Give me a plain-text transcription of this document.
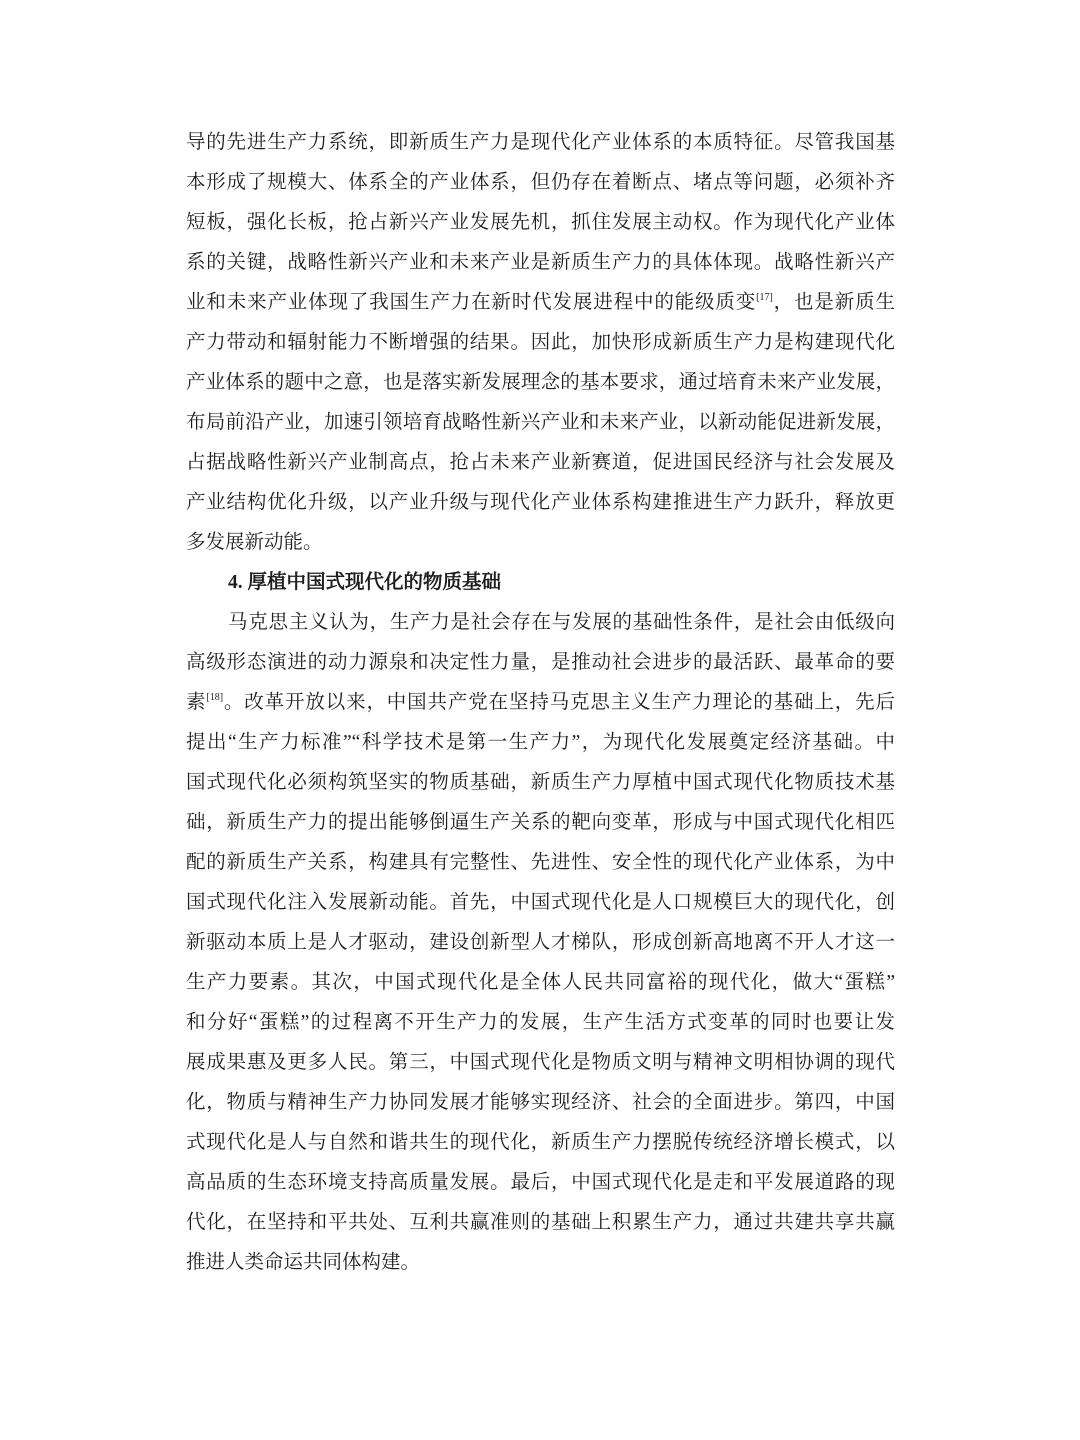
导的先进生产力系统，即新质生产力是现代化产业体系的本质特征。尽管我国基
本形成了规模大、体系全的产业体系，但仍存在着断点、堵点等问题，必须补齐
短板，强化长板，抢占新兴产业发展先机，抓住发展主动权。作为现代化产业体
系的关键，战略性新兴产业和未来产业是新质生产力的具体体现。战略性新兴产
业和未来产业体现了我国生产力在新时代发展进程中的能级质变[17]，也是新质生
产力带动和辐射能力不断增强的结果。因此，加快形成新质生产力是构建现代化
产业体系的题中之意，也是落实新发展理念的基本要求，通过培育未来产业发展，
布局前沿产业，加速引领培育战略性新兴产业和未来产业，以新动能促进新发展，
占据战略性新兴产业制高点，抢占未来产业新赛道，促进国民经济与社会发展及
产业结构优化升级，以产业升级与现代化产业体系构建推进生产力跃升，释放更
多发展新动能。
4. 厚植中国式现代化的物质基础
马克思主义认为，生产力是社会存在与发展的基础性条件，是社会由低级向
高级形态演进的动力源泉和决定性力量，是推动社会进步的最活跃、最革命的要
素[18]。改革开放以来，中国共产党在坚持马克思主义生产力理论的基础上，先后
提出“生产力标准”“科学技术是第一生产力”，为现代化发展奠定经济基础。中
国式现代化必须构筑坚实的物质基础，新质生产力厚植中国式现代化物质技术基
础，新质生产力的提出能够倒逼生产关系的靶向变革，形成与中国式现代化相匹
配的新质生产关系，构建具有完整性、先进性、安全性的现代化产业体系，为中
国式现代化注入发展新动能。首先，中国式现代化是人口规模巨大的现代化，创
新驱动本质上是人才驱动，建设创新型人才梯队，形成创新高地离不开人才这一
生产力要素。其次，中国式现代化是全体人民共同富裕的现代化，做大“蛋糕”
和分好“蛋糕”的过程离不开生产力的发展，生产生活方式变革的同时也要让发
展成果惠及更多人民。第三，中国式现代化是物质文明与精神文明相协调的现代
化，物质与精神生产力协同发展才能够实现经济、社会的全面进步。第四，中国
式现代化是人与自然和谐共生的现代化，新质生产力摆脱传统经济增长模式，以
高品质的生态环境支持高质量发展。最后，中国式现代化是走和平发展道路的现
代化，在坚持和平共处、互利共赢准则的基础上积累生产力，通过共建共享共赢
推进人类命运共同体构建。
